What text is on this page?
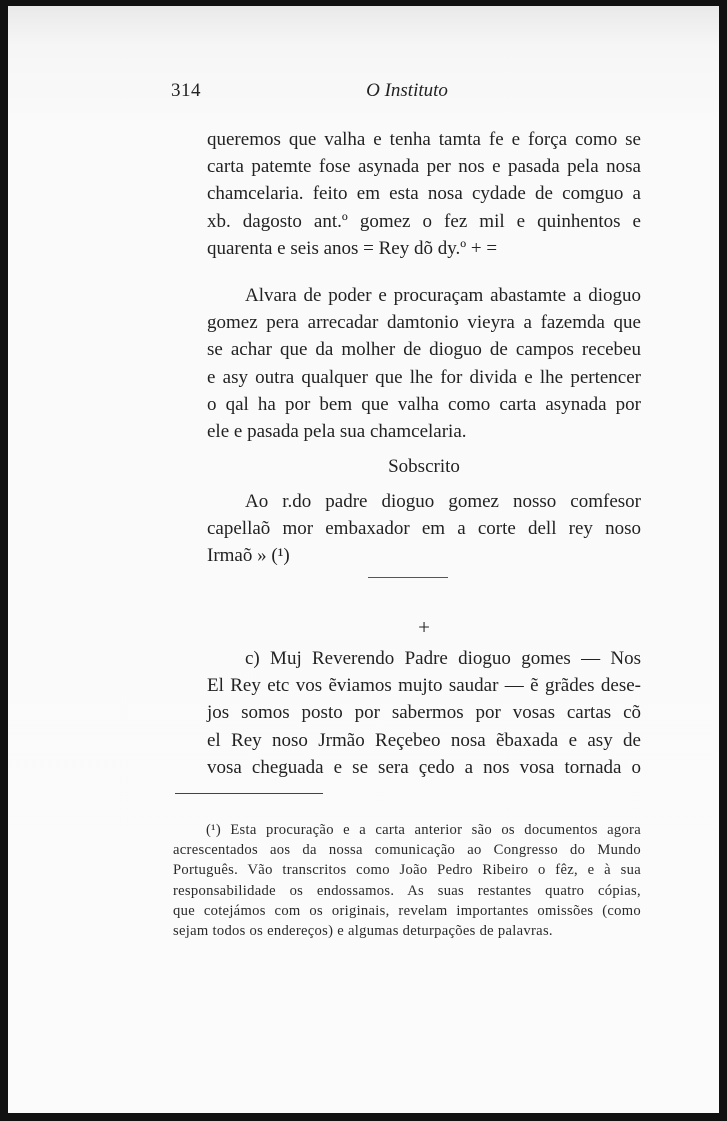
314	O Instituto
queremos que valha e tenha tamta fe e força como se
carta patemte fose asynada per nos e pasada pela nosa
chamcelaria. feito em esta nosa cydade de comguo a
xb. dagosto ant.º gomez o fez mil e quinhentos e
quarenta e seis anos = Rey dõ dy.º + =
Alvara de poder e procuraçam abastamte a dioguo
gomez pera arrecadar damtonio vieyra a fazemda que
se achar que da molher de dioguo de campos recebeu
e asy outra qualquer que lhe for divida e lhe pertencer
o qal ha por bem que valha como carta asynada por
ele e pasada pela sua chamcelaria.
Sobscrito
Ao r.do padre dioguo gomez nosso comfesor
capellaõ mor embaxador em a corte dell rey noso
Irmaõ » (¹)
+
c) Muj Reverendo Padre dioguo gomes — Nos
El Rey etc vos ẽviamos mujto saudar — ẽ grãdes dese-
jos somos posto por sabermos por vosas cartas cõ
el Rey noso Jrmão Reçebeo nosa ẽbaxada e asy de
vosa cheguada e se sera çedo a nos vosa tornada o
(¹) Esta procuração e a carta anterior são os documentos agora
acrescentados aos da nossa comunicação ao Congresso do Mundo
Português. Vão transcritos como João Pedro Ribeiro o fêz, e à sua
responsabilidade os endossamos. As suas restantes quatro cópias,
que cotejámos com os originais, revelam importantes omissões (como
sejam todos os endereços) e algumas deturpações de palavras.
